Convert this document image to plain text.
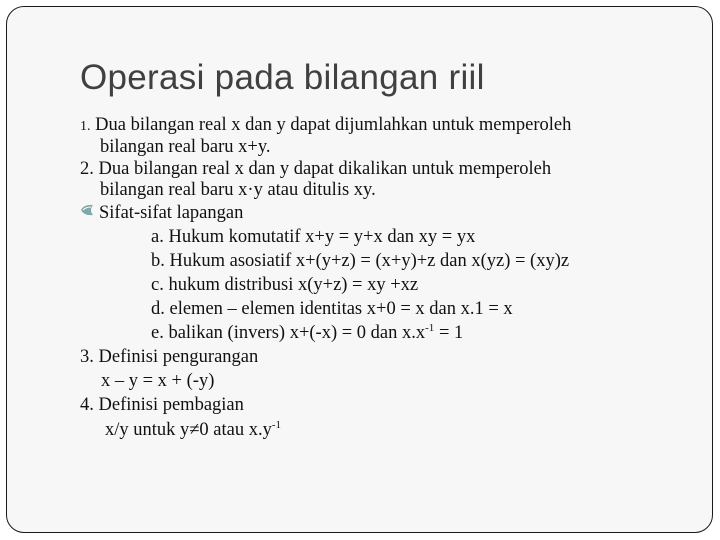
Operasi pada bilangan riil
1. Dua bilangan real x dan y dapat dijumlahkan untuk memperoleh
bilangan real baru x+y.
2. Dua bilangan real x dan y dapat dikalikan untuk memperoleh
bilangan real baru x·y atau ditulis xy.
Sifat-sifat lapangan
a. Hukum komutatif x+y = y+x dan xy = yx
b. Hukum asosiatif x+(y+z) = (x+y)+z dan x(yz) = (xy)z
c. hukum distribusi x(y+z) = xy +xz
d. elemen – elemen identitas x+0 = x dan x.1 = x
e. balikan (invers) x+(-x) = 0 dan $x.x^{-1} = 1$
3. Definisi pengurangan
x – y = x + (-y)
4. Definisi pembagian
x/y untuk y≠0 atau $x.y^{-1}$
